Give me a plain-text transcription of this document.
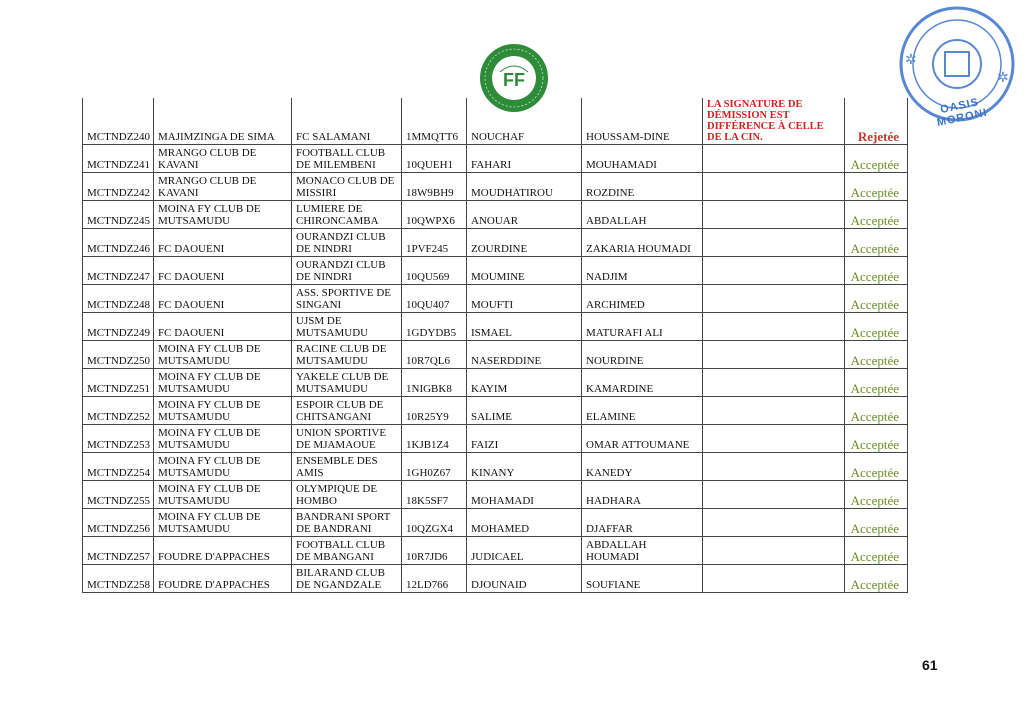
FF
✲
✲
OASIS MORONI
MCTNDZ240	MAJIMZINGA DE SIMA	FC SALAMANI	1MMQTT6	NOUCHAF	HOUSSAM-DINE	LA SIGNATURE DE DÉMISSION EST DIFFÉRENCE À CELLE DE LA CIN.	Rejetée
MCTNDZ241	MRANGO CLUB DE KAVANI	FOOTBALL CLUB DE MILEMBENI	10QUEH1	FAHARI	MOUHAMADI		Acceptée
MCTNDZ242	MRANGO CLUB DE KAVANI	MONACO CLUB DE MISSIRI	18W9BH9	MOUDHATIROU	ROZDINE		Acceptée
MCTNDZ245	MOINA FY CLUB DE MUTSAMUDU	LUMIERE DE CHIRONCAMBA	10QWPX6	ANOUAR	ABDALLAH		Acceptée
MCTNDZ246	FC DAOUENI	OURANDZI CLUB DE NINDRI	1PVF245	ZOURDINE	ZAKARIA HOUMADI		Acceptée
MCTNDZ247	FC DAOUENI	OURANDZI CLUB DE NINDRI	10QU569	MOUMINE	NADJIM		Acceptée
MCTNDZ248	FC DAOUENI	ASS. SPORTIVE DE SINGANI	10QU407	MOUFTI	ARCHIMED		Acceptée
MCTNDZ249	FC DAOUENI	UJSM DE MUTSAMUDU	1GDYDB5	ISMAEL	MATURAFI ALI		Acceptée
MCTNDZ250	MOINA FY CLUB DE MUTSAMUDU	RACINE CLUB DE MUTSAMUDU	10R7QL6	NASERDDINE	NOURDINE		Acceptée
MCTNDZ251	MOINA FY CLUB DE MUTSAMUDU	YAKELE CLUB DE MUTSAMUDU	1NIGBK8	KAYIM	KAMARDINE		Acceptée
MCTNDZ252	MOINA FY CLUB DE MUTSAMUDU	ESPOIR CLUB DE CHITSANGANI	10R25Y9	SALIME	ELAMINE		Acceptée
MCTNDZ253	MOINA FY CLUB DE MUTSAMUDU	UNION SPORTIVE DE MJAMAOUE	1KJB1Z4	FAIZI	OMAR ATTOUMANE		Acceptée
MCTNDZ254	MOINA FY CLUB DE MUTSAMUDU	ENSEMBLE DES AMIS	1GH0Z67	KINANY	KANEDY		Acceptée
MCTNDZ255	MOINA FY CLUB DE MUTSAMUDU	OLYMPIQUE DE HOMBO	18K5SF7	MOHAMADI	HADHARA		Acceptée
MCTNDZ256	MOINA FY CLUB DE MUTSAMUDU	BANDRANI SPORT DE BANDRANI	10QZGX4	MOHAMED	DJAFFAR		Acceptée
MCTNDZ257	FOUDRE D'APPACHES	FOOTBALL CLUB DE MBANGANI	10R7JD6	JUDICAEL	ABDALLAH HOUMADI		Acceptée
MCTNDZ258	FOUDRE D'APPACHES	BILARAND CLUB DE NGANDZALE	12LD766	DJOUNAID	SOUFIANE		Acceptée
61
